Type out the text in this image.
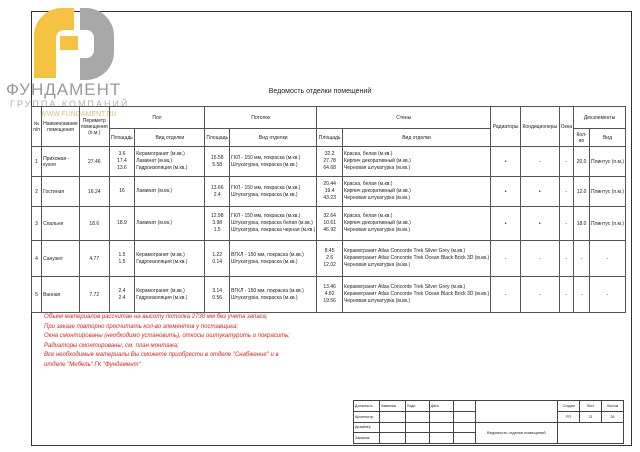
ФУНДАМЕНТ
ГРУППА КОМПАНИЙ
WWW.FUNDAMENT.RU
Ведомость отделки помещений
№ п/п	Наименование помещения	Периметр помещения (п.м.)	Пол		Потолок		Стены		Радиаторы	Кондиционеры	Окна	Декэлементы	
			Площадь	Вид отделки	Площадь	Вид отделки	Площадь	Вид отделки				Кол-во	Вид
1	Прихожая - кухня	27.46	3.6
17.4
13.6	Керамогранит (м.кв.)
Ламинат (м.кв.)
Гидроизоляция (м.кв.)	15.58
5.58	ГКЛ - 150 мм, покраска (м.кв.)
Штукатурка, покраска (м.кв.)	32.2
27.78
64.68	Краска, белая (м.кв.)
Кирпич декоративный (м.кв.)
Черновая штукатурка (м.кв.)	•	-	-	20.0	Плинтус (п.м.)
2	Гостиная	16.24	16	Ламинат (м.кв.)	13.66
2.4	ГКЛ - 150 мм, покраска (м.кв.)
Штукатурка, покраска (м.кв.)	20.44
19.4
43.23	Краска, белая (м.кв.)
Кирпич декоративный (м.кв.)
Черновая штукатурка (м.кв.)	•	•	-	12.0	Плинтус (п.м.)
3	Спальня	18.6	18.9	Ламинат (м.кв.)	12.98
3.98
1.5	ГКЛ - 150 мм, покраска (м.кв.)
Штукатурка, покраска белая (м.кв.)
Штукатурка, покраска черная (м.кв.)	32.64
10.61
46.92	Краска, белая (м.кв.)
Кирпич декоративный (м.кв.)
Черновая штукатурка (м.кв.)	•	•	-	18.0	Плинтус (п.м.)
4	Санузел	4.77	1.5
1.5	Керамогранит (м.кв.)
Гидроизоляция (м.кв.)	1.22
0.14	ВГКЛ - 150 мм, покраска (м.кв.)
Штукатурка, покраска (м.кв.)	8.45
2.6
12.02	Керамогранит Atlas Concorde Trek Silver Grey (м.кв.)
Керамогранит Atlas Concorde Trek Ocean Black Brick 3D (м.кв.)
Черновая штукатурка (м.кв.)	-	-	-	-	-
5	Ванная	7.72	2.4
2.4	Керамогранит (м.кв.)
Гидроизоляция (м.кв.)	3.14
0.56	ВГКЛ - 150 мм, покраска (м.кв.)
Штукатурка, покраска (м.кв.)	13.46
4.82
19.56	Керамогранит Atlas Concorde Trek Silver Grey (м.кв.)
Керамогранит Atlas Concorde Trek Ocean Black Brick 3D (м.кв.)
Черновая штукатурка (м.кв.)	-	-	-	-	-
Объем материалов рассчитан на высоту потолка 2730 мм без учета запаса;
При заказе повторно просчитать кол-во элементов у поставщика;
Окна смонтированы (необходимо установить), откосы оштукатурить и покрасить;
Радиаторы смонтированы, см. план монтажа;
Все необходимые материалы Вы сможете приобрести в отделе "Снабжение" и в
отделе "Мебель" ГК "Фундамент"
Должность	Фамилия	Подп.	Дата			Стадия	Лист	Листов
Архитектор						РП	21	26
Дизайнер					Ведомость отделки помещений			
Заказчик								
